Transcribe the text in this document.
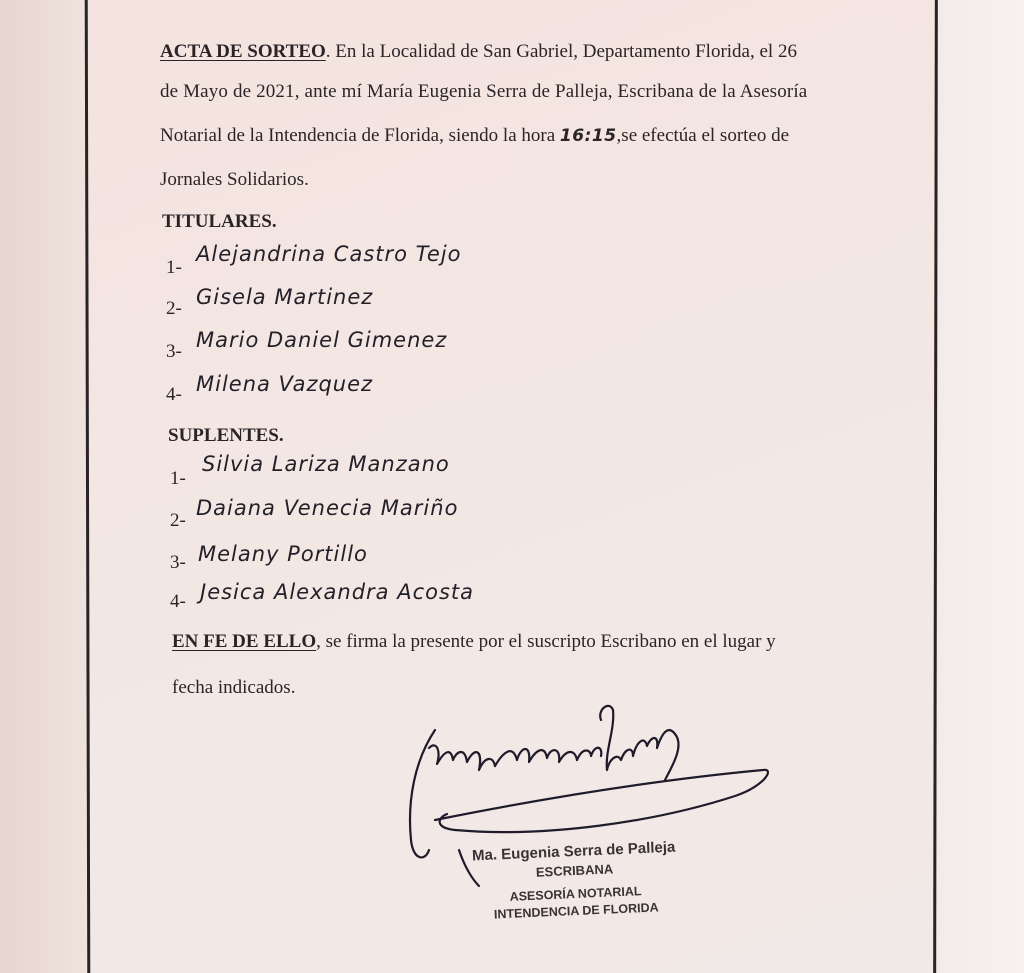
ACTA DE SORTEO. En la Localidad de San Gabriel, Departamento Florida, el 26
de Mayo de 2021, ante mí María Eugenia Serra de Palleja, Escribana de la Asesoría
Notarial de la Intendencia de Florida, siendo la hora 16:15,se efectúa el sorteo de
Jornales Solidarios.
TITULARES.
1-
Alejandrina Castro Tejo
2- Gisela Martinez
3- Mario Daniel Gimenez
4- Milena Vazquez
SUPLENTES.
1-
Silvia Lariza Manzano
2-
Daiana Venecia Mariño
3- Melany Portillo
4- Jesica Alexandra Acosta
EN FE DE ELLO, se firma la presente por el suscripto Escribano en el lugar y
fecha indicados.
Ma. Eugenia Serra de Palleja
ESCRIBANA
ASESORÍA NOTARIAL
INTENDENCIA DE FLORIDA
